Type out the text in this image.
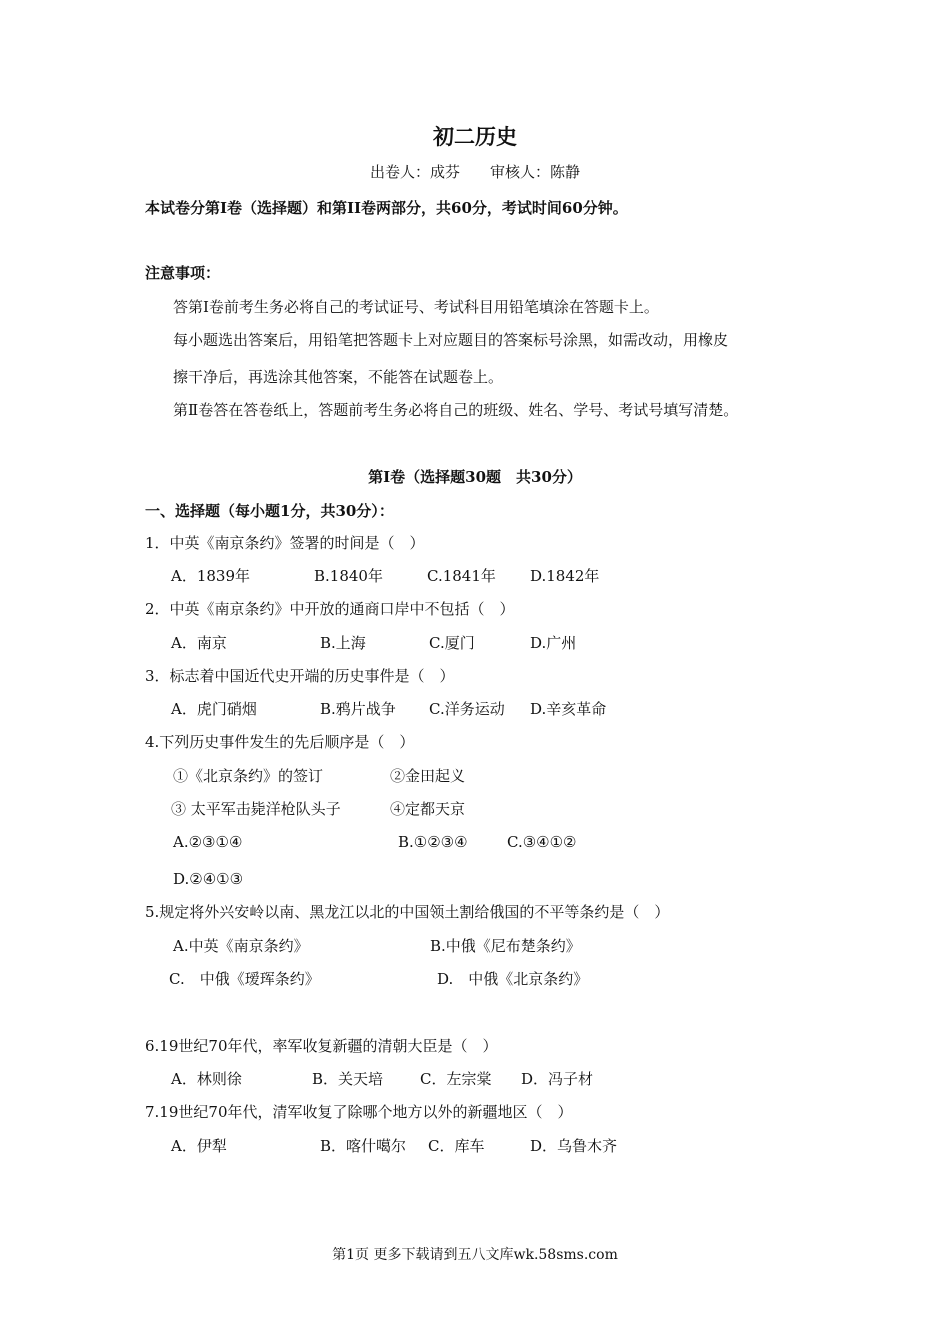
初二历史
出卷人：成芬　　审核人：陈静
本试卷分第Ⅰ卷（选择题）和第II卷两部分，共60分，考试时间60分钟。
注意事项：
答第Ⅰ卷前考生务必将自己的考试证号、考试科目用铅笔填涂在答题卡上。
每小题选出答案后，用铅笔把答题卡上对应题目的答案标号涂黑，如需改动，用橡皮
擦干净后，再选涂其他答案，不能答在试题卷上。
第Ⅱ卷答在答卷纸上，答题前考生务必将自己的班级、姓名、学号、考试号填写清楚。
第Ⅰ卷（选择题30题　共30分）
一、选择题（每小题1分，共30分）：
1．中英《南京条约》签署的时间是（　）
A．1839年	B.1840年	C.1841年 D.1842年
2．中英《南京条约》中开放的通商口岸中不包括（　）
A．南京	B.上海	C.厦门	D.广州
3．标志着中国近代史开端的历史事件是（　）
A．虎门硝烟	B.鸦片战争 C.洋务运动 D.辛亥革命
4.下列历史事件发生的先后顺序是（　）
①《北京条约》的签订	②金田起义
③ 太平军击毙洋枪队头子	④定都天京
A.②③①④	B.①②③④	C.③④①②
D.②④①③
5.规定将外兴安岭以南、黑龙江以北的中国领土割给俄国的不平等条约是（　）
A.中英《南京条约》	B.中俄《尼布楚条约》
C.　中俄《瑷珲条约》	D.　中俄《北京条约》
6.19世纪70年代，率军收复新疆的清朝大臣是（　）
A．林则徐	B．关天培 C．左宗棠 D．冯子材
7.19世纪70年代，清军收复了除哪个地方以外的新疆地区（　）
A．伊犁	B．喀什噶尔 C．库车	D．乌鲁木齐
第1页 更多下载请到五八文库wk.58sms.com
